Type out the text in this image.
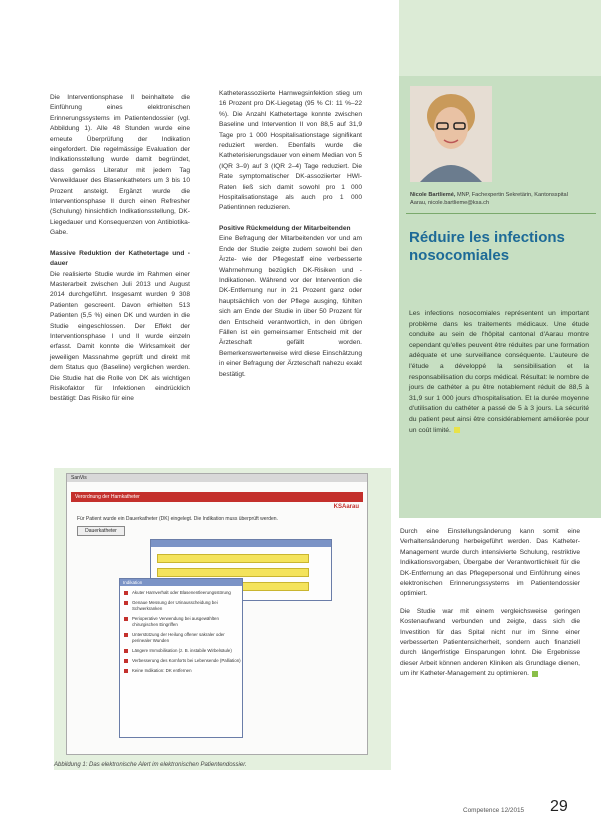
Die Interventionsphase II beinhaltete die Einführung eines elektronischen Erinnerungssystems im Patientendossier (vgl. Abbildung 1). Alle 48 Stunden wurde eine erneute Überprüfung der Indikation eingefordert. Die regelmässige Evaluation der Indikationsstellung wurde damit begründet, dass gemäss Literatur mit jedem Tag Verweildauer des Blasenkatheters um 3 bis 10 Prozent ansteigt. Ergänzt wurde die Interventionsphase II durch einen Refresher (Schulung) hinsichtlich Indikationsstellung, DK-Liegedauer und Konsequenzen von Antibiotika-Gabe.

Massive Reduktion der Kathetertage und -dauer

Die realisierte Studie wurde im Rahmen einer Masterarbeit zwischen Juli 2013 und August 2014 durchgeführt. Insgesamt wurden 9 308 Patienten gescreent. Davon erhielten 513 Patienten (5,5 %) einen DK und wurden in die Studie eingeschlossen. Der Effekt der Interventionsphase I und II wurde einzeln erfasst. Damit konnte die Wirksamkeit der jeweiligen Massnahme geprüft und direkt mit dem Status quo (Baseline) verglichen werden. Die Studie hat die Rolle von DK als wichtigen Risikofaktor für Infektionen eindrücklich bestätigt: Das Risiko für eine

Katheterassoziierte Harnwegsinfektion stieg um 16 Prozent pro DK-Liegetag (95 % CI: 11 %–22 %). Die Anzahl Kathetertage konnte zwischen Baseline und Intervention II von 88,5 auf 31,9 Tage pro 1 000 Hospitalisationstage signifikant reduziert werden. Ebenfalls wurde die Katheterisierungsdauer von einem Median von 5 (IQR 3–9) auf 3 (IQR 2–4) Tage reduziert. Die Rate symptomatischer DK-assoziierter HWI-Raten ließ sich damit sowohl pro 1 000 Hospitalisationstage als auch pro 1 000 Patientinnen reduzieren.

Positive Rückmeldung der Mitarbeitenden

Eine Befragung der Mitarbeitenden vor und am Ende der Studie zeigte zudem sowohl bei den Ärzte- wie der Pflegestaff eine verbesserte Wahrnehmung bezüglich DK-Risiken und -Indikationen. Während vor der Intervention die DK-Entfernung nur in 21 Prozent ganz oder hauptsächlich von der Pflege ausging, fühlten sich am Ende der Studie in über 50 Prozent für den Entscheid verantwortlich, in den übrigen Fällen ist ein gemeinsamer Entscheid mit der Ärzteschaft gefällt worden. Bemerkenswerterweise wird diese Einschätzung in einer Befragung der Ärzteschaft nahezu exakt bestätigt.

Nicole Bartliemé, MNP, Fachexpertin Sekretärin, Kantonsspital Aarau, nicole.bartlieme@ksa.ch
Réduire les infections nosocomiales
Les infections nosocomiales représentent un important problème dans les traitements médicaux. Une étude conduite au sein de l'hôpital cantonal d'Aarau montre cependant qu'elles peuvent être réduites par une formation adéquate et une surveillance conséquente. L'auteure de l'étude a développé la sensibilisation et la responsabilisation du corps médical. Résultat: le nombre de jours de cathéter a pu être notablement réduit de 88,5 à 31,9 sur 1 000 jours d'hospitalisation. Et la durée moyenne d'utilisation du cathéter a passé de 5 à 3 jours. La sécurité du patient peut ainsi être considérablement améliorée pour un coût limité.
SanVis
Verordnung der Harnkatheter
KSAarau
Für Patient wurde ein Dauerkatheter (DK) eingelegt. Die Indikation muss überprüft werden.
Dauerkatheter
Indikation
Akuter Harnverhalt oder Blasenentleerungsstörung
Genaue Messung der Urinausscheidung bei Schwerkranken
Perioperative Verwendung bei ausgewählten chirurgischen Eingriffen
Unterstützung der Heilung offener sakraler oder perinealer Wunden
Längere Immobilisation (z. B. instabile Wirbelsäule)
Verbesserung des Komforts bei Lebensende (Palliation)
Keine Indikation: DK entfernen
Abbildung 1: Das elektronische Alert im elektronischen Patientendossier.

Durch eine Einstellungsänderung kann somit eine Verhaltensänderung herbeigeführt werden. Das Katheter-Management wurde durch intensivierte Schulung, restriktive Indikationsvorgaben, Übergabe der Verantwortlichkeit für die DK-Entfernung an das Pflegepersonal und Einführung eines elektronischen Erinnerungssystems im Patientendossier optimiert.

Die Studie war mit einem vergleichsweise geringen Kostenaufwand verbunden und zeigte, dass sich die Investition für das Spital nicht nur im Sinne einer verbesserten Patientensicherheit, sondern auch finanziell durch längerfristige Einsparungen lohnt. Die Ergebnisse dieser Arbeit können anderen Kliniken als Grundlage dienen, um ihr Katheter-Management zu optimieren.

Competence 12/2015 29
